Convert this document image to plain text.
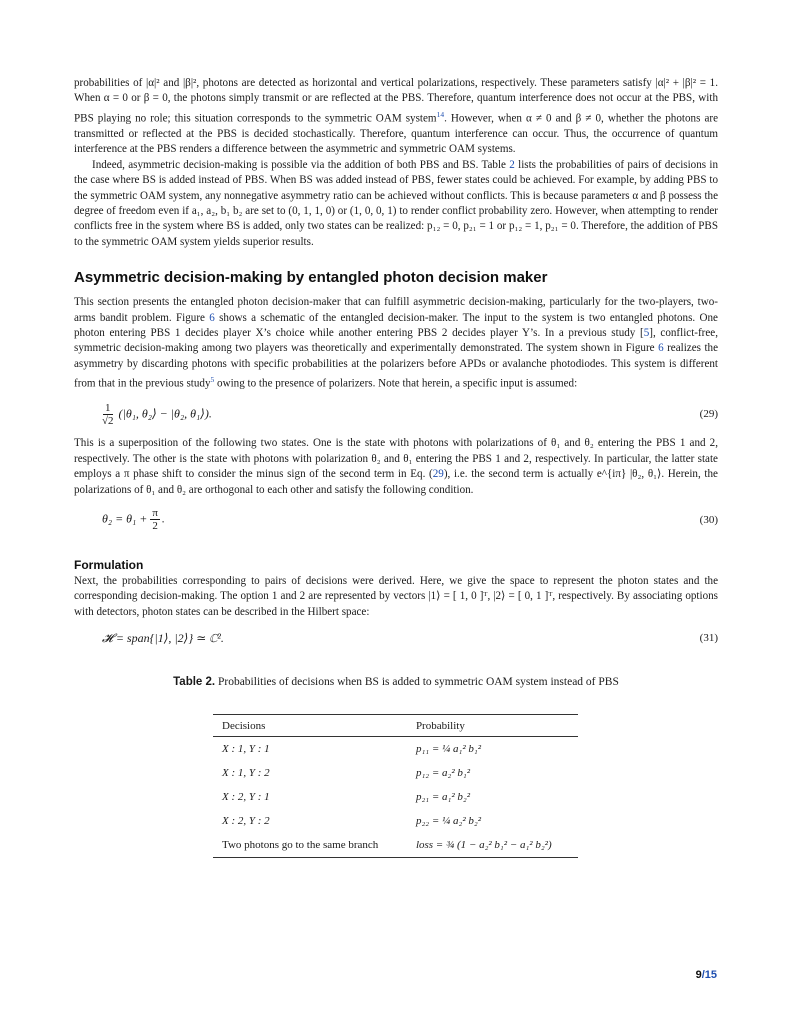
probabilities of |α|² and |β|², photons are detected as horizontal and vertical polarizations, respectively. These parameters satisfy |α|² + |β|² = 1. When α = 0 or β = 0, the photons simply transmit or are reflected at the PBS. Therefore, quantum interference does not occur at the PBS, with PBS playing no role; this situation corresponds to the symmetric OAM system$^{14}$. However, when α ≠ 0 and β ≠ 0, whether the photons are transmitted or reflected at the PBS is decided stochastically. Therefore, quantum interference can occur. Thus, the occurrence of quantum interference at the PBS renders a difference between the asymmetric and symmetric OAM systems.

Indeed, asymmetric decision-making is possible via the addition of both PBS and BS. Table 2 lists the probabilities of pairs of decisions in the case where BS is added instead of PBS. When BS was added instead of PBS, fewer states could be achieved. For example, by adding PBS to the symmetric OAM system, any nonnegative asymmetry ratio can be achieved without conflicts. This is because parameters α and β possess the degree of freedom even if a₁, a₂, b₁ b₂ are set to (0, 1, 1, 0) or (1, 0, 0, 1) to render conflict probability zero. However, when attempting to render conflicts free in the system where BS is added, only two states can be realized: p₁₂ = 0, p₂₁ = 1 or p₁₂ = 1, p₂₁ = 0. Therefore, the addition of PBS to the symmetric OAM system yields superior results.

Asymmetric decision-making by entangled photon decision maker

This section presents the entangled photon decision-maker that can fulfill asymmetric decision-making, particularly for the two-players, two-arms bandit problem. Figure 6 shows a schematic of the entangled decision-maker. The input to the system is two entangled photons. One photon entering PBS 1 decides player X’s choice while another entering PBS 2 decides player Y’s. In a previous study [5], conflict-free, symmetric decision-making among two players was theoretically and experimentally demonstrated. The system shown in Figure 6 realizes the asymmetry by discarding photons with specific probabilities at the polarizers before APDs or avalanche photodiodes. This system is different from that in the previous study$^5$ owing to the presence of polarizers. Note that herein, a specific input is assumed:

$\frac{1}{√2} (|\theta_1$, θ₂⟩ − |θ₂, θ₁⟩).	(29)

This is a superposition of the following two states. One is the state with photons with polarizations of θ₁ and θ₂ entering the PBS 1 and 2, respectively. The other is the state with photons with polarization θ₂ and θ₁ entering the PBS 1 and 2, respectively. In particular, the latter state employs a π phase shift to consider the minus sign of the second term in Eq. (29), i.e. the second term is actually e^{iπ} |θ₂, θ₁⟩. Herein, the polarizations of θ₁ and θ₂ are orthogonal to each other and satisfy the following condition.

$\theta_2 = \theta_1 + \frac{\pi}{2}$ .	(30)
Formulation

Next, the probabilities corresponding to pairs of decisions were derived. Here, we give the space to represent the photon states and the corresponding decision-making. The option 1 and 2 are represented by vectors |1⟩ = [ 1, 0 ]ᵀ, |2⟩ = [ 0, 1 ]ᵀ, respectively. By associating options with detectors, photon states can be described in the Hilbert space:

𝓗 = span{|1⟩, |2⟩} ≃ ℂ².	(31)
Table 2. Probabilities of decisions when BS is added to symmetric OAM system instead of PBS
Decisions	Probability
X : 1, Y : 1	p₁₁ = ¼ a₁² b₁²
X : 1, Y : 2	p₁₂ = a₂² b₁²
X : 2, Y : 1	p₂₁ = a₁² b₂²
X : 2, Y : 2	p₂₂ = ¼ a₂² b₂²
Two photons go to the same branch	loss = ¾ (1 − a₂² b₁² − a₁² b₂²)
9/15
